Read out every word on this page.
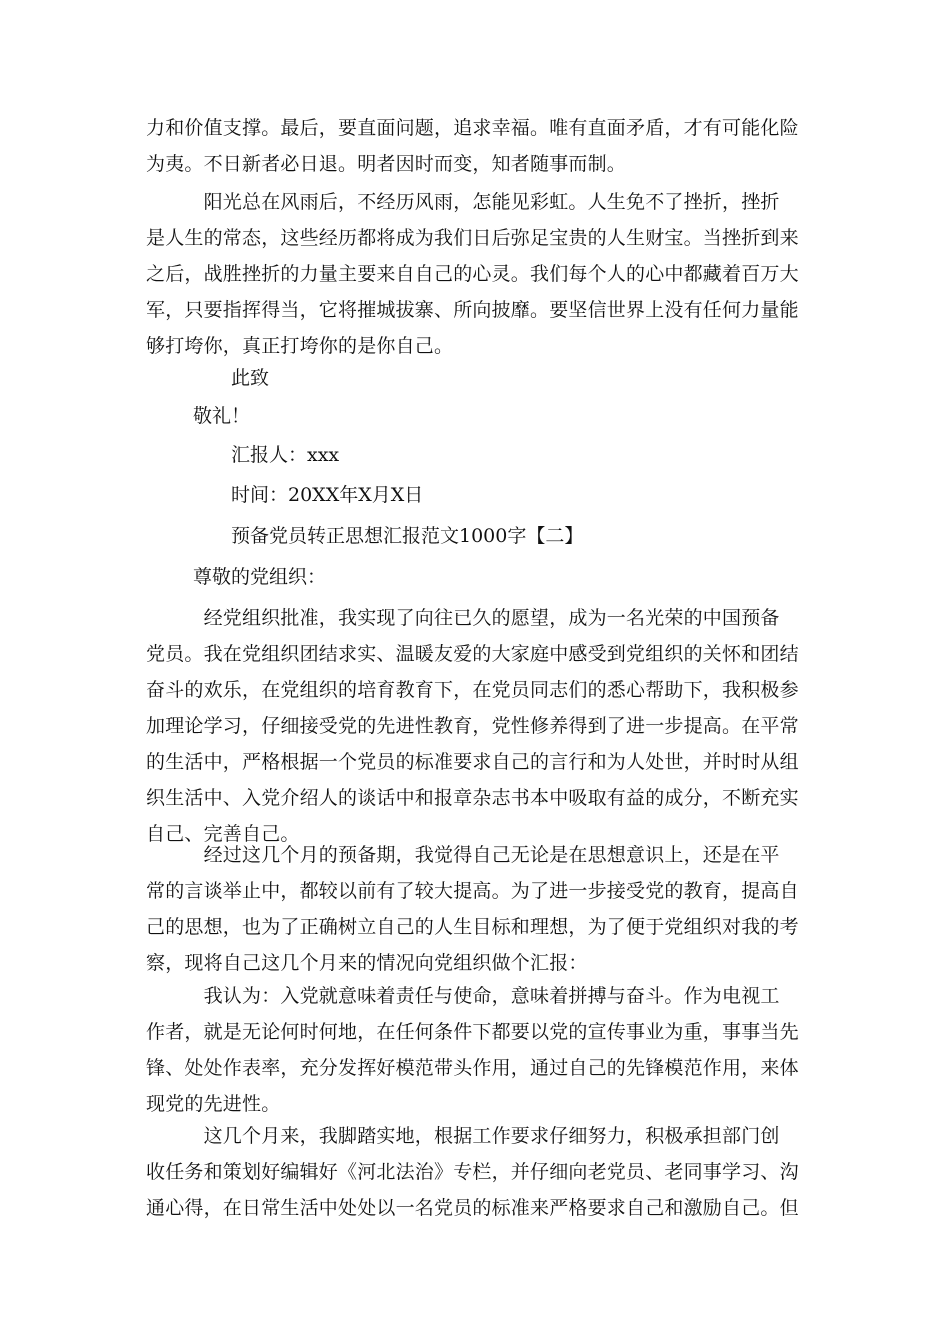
力和价值支撑。最后，要直面问题，追求幸福。唯有直面矛盾，才有可能化险
为夷。不日新者必日退。明者因时而变，知者随事而制。
　　　阳光总在风雨后，不经历风雨，怎能见彩虹。人生免不了挫折，挫折
是人生的常态，这些经历都将成为我们日后弥足宝贵的人生财宝。当挫折到来
之后，战胜挫折的力量主要来自自己的心灵。我们每个人的心中都藏着百万大
军，只要指挥得当，它将摧城拔寨、所向披靡。要坚信世界上没有任何力量能
够打垮你，真正打垮你的是你自己。

此致

敬礼！

汇报人：xxx

时间：20XX年X月X日

预备党员转正思想汇报范文1000字【二】

尊敬的党组织：

　　　经党组织批准，我实现了向往已久的愿望，成为一名光荣的中国预备
党员。我在党组织团结求实、温暖友爱的大家庭中感受到党组织的关怀和团结
奋斗的欢乐，在党组织的培育教育下，在党员同志们的悉心帮助下，我积极参
加理论学习，仔细接受党的先进性教育，党性修养得到了进一步提高。在平常
的生活中，严格根据一个党员的标准要求自己的言行和为人处世，并时时从组
织生活中、入党介绍人的谈话中和报章杂志书本中吸取有益的成分，不断充实
自己、完善自己。
　　　经过这几个月的预备期，我觉得自己无论是在思想意识上，还是在平
常的言谈举止中，都较以前有了较大提高。为了进一步接受党的教育，提高自
己的思想，也为了正确树立自己的人生目标和理想，为了便于党组织对我的考
察，现将自己这几个月来的情况向党组织做个汇报：
　　　我认为：入党就意味着责任与使命，意味着拼搏与奋斗。作为电视工
作者，就是无论何时何地，在任何条件下都要以党的宣传事业为重，事事当先
锋、处处作表率，充分发挥好模范带头作用，通过自己的先锋模范作用，来体
现党的先进性。
　　　这几个月来，我脚踏实地，根据工作要求仔细努力，积极承担部门创
收任务和策划好编辑好《河北法治》专栏，并仔细向老党员、老同事学习、沟
通心得，在日常生活中处处以一名党员的标准来严格要求自己和激励自己。但
